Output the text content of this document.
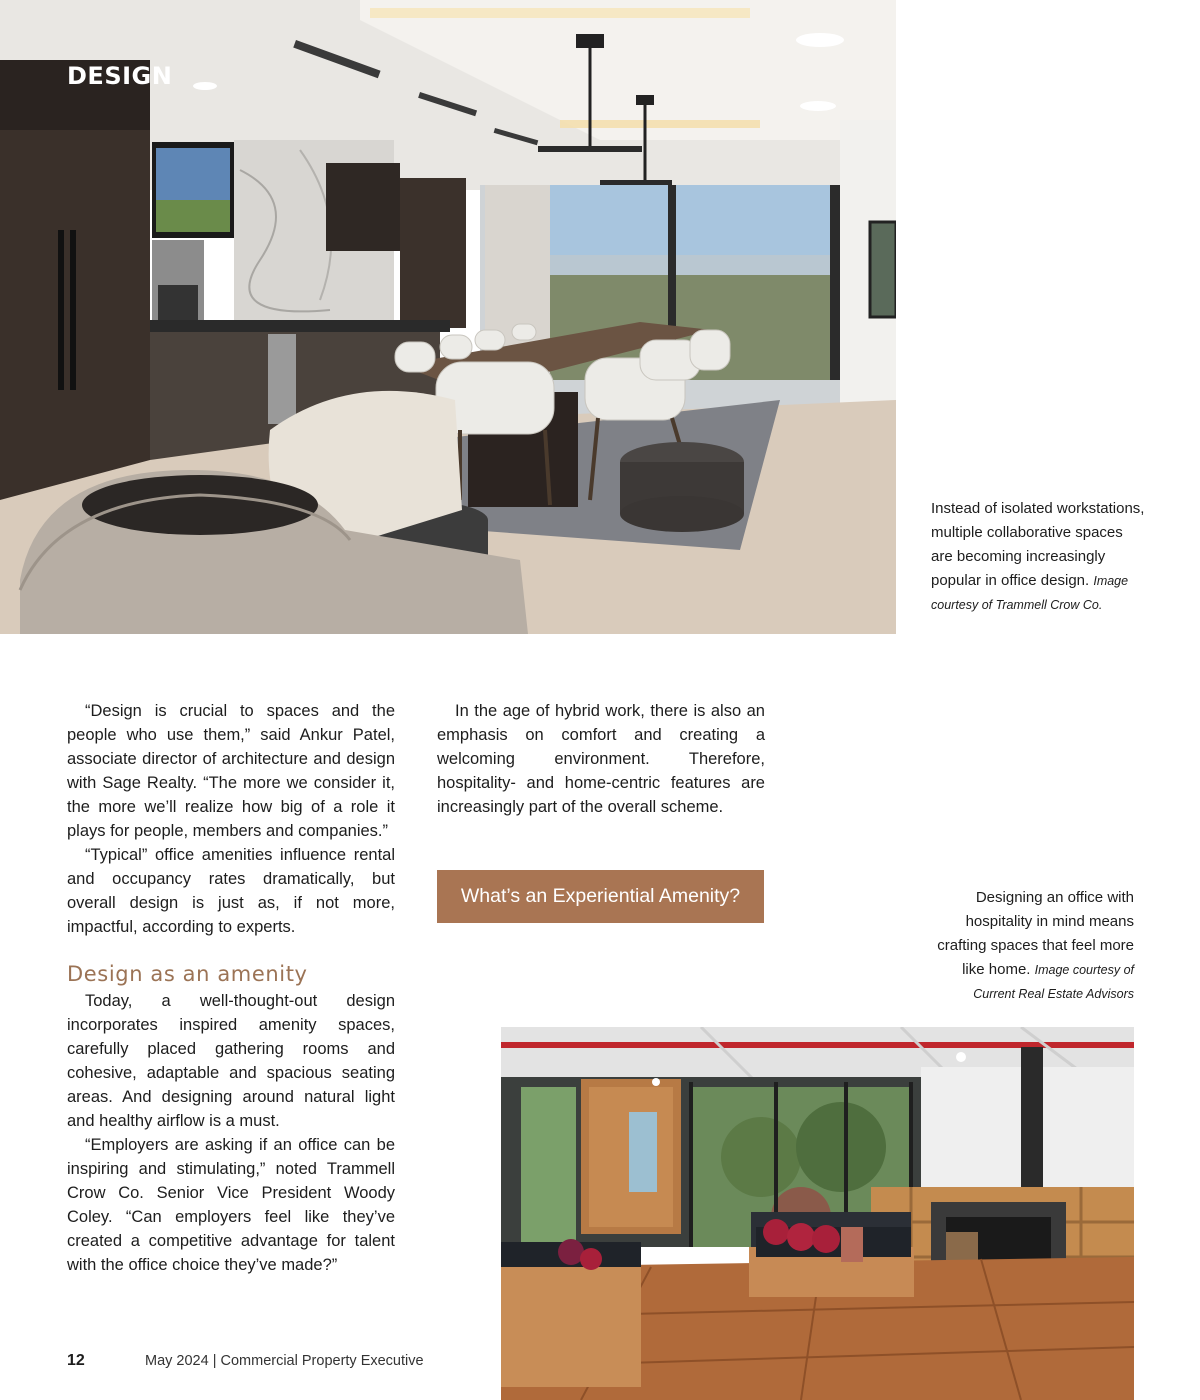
DESIGN
Instead of isolated workstations, multiple collaborative spaces are becoming increasingly popular in office design. Image courtesy of Trammell Crow Co.

“Design is crucial to spaces and the people who use them,” said Ankur Patel, associate director of architecture and design with Sage Realty. “The more we consider it, the more we’ll realize how big of a role it plays for people, members and companies.”

“Typical” office amenities influence rental and occupancy rates dramatically, but overall design is just as, if not more, impactful, according to experts.

Design as an amenity

Today, a well-thought-out design incorporates inspired amenity spaces, carefully placed gathering rooms and cohesive, adaptable and spacious seating areas. And designing around natural light and healthy airflow is a must.

“Employers are asking if an office can be inspiring and stimulating,” noted Trammell Crow Co. Senior Vice President Woody Coley. “Can employers feel like they’ve created a competitive advantage for talent with the office choice they’ve made?”

In the age of hybrid work, there is also an emphasis on comfort and creating a welcoming environment. Therefore, hospitality- and home-centric features are increasingly part of the overall scheme.

What’s an Experiential Amenity?	Designing an office with hospitality in mind means crafting spaces that feel more like home. Image courtesy of Current Real Estate Advisors
12	May 2024 | Commercial Property Executive
